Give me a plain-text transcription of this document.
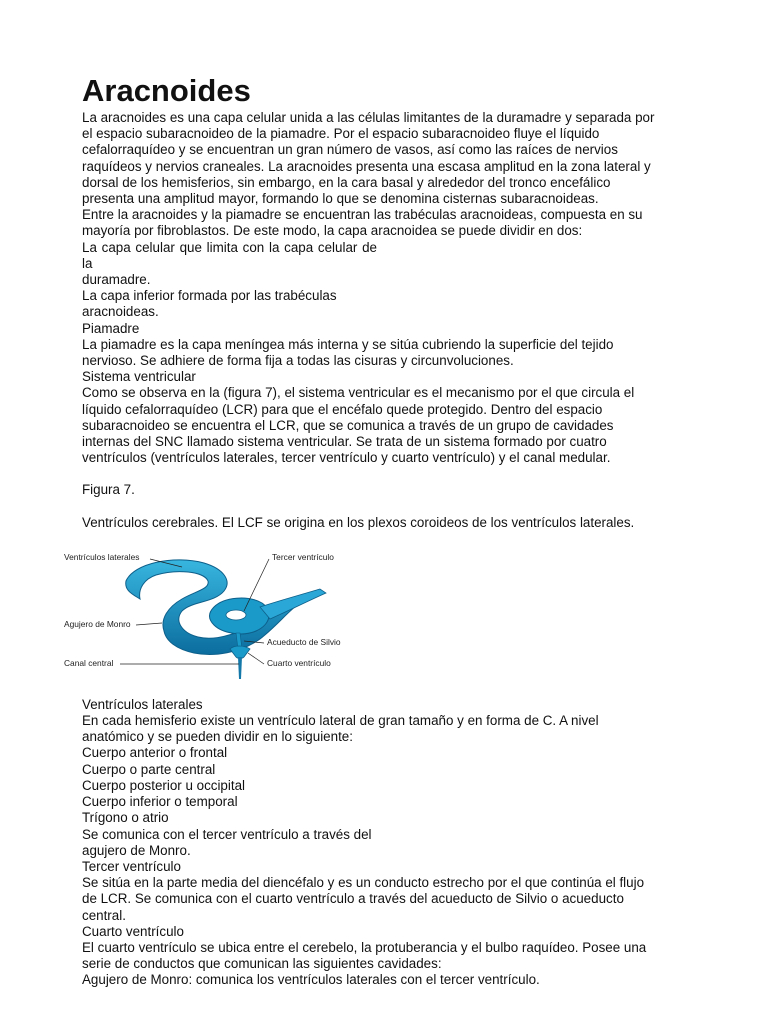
Aracnoides
La aracnoides es una capa celular unida a las células limitantes de la duramadre y separada por
el espacio subaracnoideo de la piamadre. Por el espacio subaracnoideo fluye el líquido
cefalorraquídeo y se encuentran un gran número de vasos, así como las raíces de nervios
raquídeos y nervios craneales. La aracnoides presenta una escasa amplitud en la zona lateral y
dorsal de los hemisferios, sin embargo, en la cara basal y alrededor del tronco encefálico
presenta una amplitud mayor, formando lo que se denomina cisternas subaracnoideas.
Entre la aracnoides y la piamadre se encuentran las trabéculas aracnoideas, compuesta en su
mayoría por fibroblastos. De este modo, la capa aracnoidea se puede dividir en dos:
La capa celular que limita con la capa celular de la
duramadre.
La capa inferior formada por las trabéculas
aracnoideas.
Piamadre
La piamadre es la capa meníngea más interna y se sitúa cubriendo la superficie del tejido
nervioso. Se adhiere de forma fija a todas las cisuras y circunvoluciones.
Sistema ventricular
Como se observa en la (figura 7), el sistema ventricular es el mecanismo por el que circula el
líquido cefalorraquídeo (LCR) para que el encéfalo quede protegido. Dentro del espacio
subaracnoideo se encuentra el LCR, que se comunica a través de un grupo de cavidades
internas del SNC llamado sistema ventricular. Se trata de un sistema formado por cuatro
ventrículos (ventrículos laterales, tercer ventrículo y cuarto ventrículo) y el canal medular.
Figura 7.
Ventrículos cerebrales. El LCF se origina en los plexos coroideos de los ventrículos laterales.
Ventrículos laterales	Tercer ventrículo
Agujero de Monro
Acueducto de Silvio
Canal central	Cuarto ventrículo
Ventrículos laterales
En cada hemisferio existe un ventrículo lateral de gran tamaño y en forma de C. A nivel
anatómico y se pueden dividir en lo siguiente:
Cuerpo anterior o frontal
Cuerpo o parte central
Cuerpo posterior u occipital
Cuerpo inferior o temporal
Trígono o atrio
Se comunica con el tercer ventrículo a través del
agujero de Monro.
Tercer ventrículo
Se sitúa en la parte media del diencéfalo y es un conducto estrecho por el que continúa el flujo
de LCR. Se comunica con el cuarto ventrículo a través del acueducto de Silvio o acueducto
central.
Cuarto ventrículo
El cuarto ventrículo se ubica entre el cerebelo, la protuberancia y el bulbo raquídeo. Posee una
serie de conductos que comunican las siguientes cavidades:
Agujero de Monro: comunica los ventrículos laterales con el tercer ventrículo.
